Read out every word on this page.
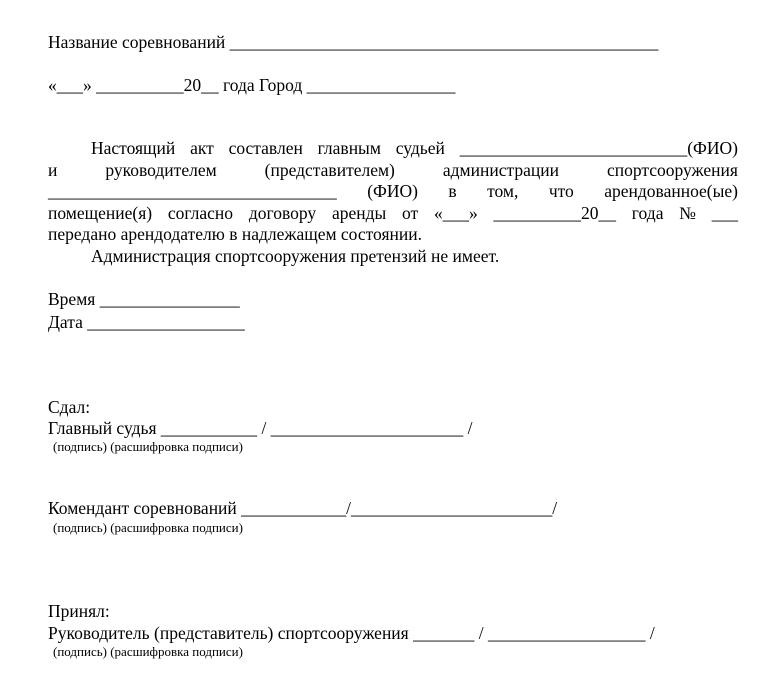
Название соревнований _________________________________________________
«___» __________20__ года Город _________________
Настоящий акт составлен главным судьей __________________________(ФИО)
и	руководителем	(представителем)	администрации	спортсооружения
_________________________________ (ФИО) в том, что арендованное(ые)
помещение(я) согласно договору аренды от «___» __________20__ года № ___
передано арендодателю в надлежащем состоянии.
Администрация спортсооружения претензий не имеет.
Время ________________
Дата __________________
Сдал:
Главный судья ___________ / ______________________ /
(подпись) (расшифровка подписи)
Комендант соревнований ____________/_______________________/
(подпись) (расшифровка подписи)
Принял:
Руководитель (представитель) спортсооружения _______ / __________________ /
(подпись) (расшифровка подписи)
